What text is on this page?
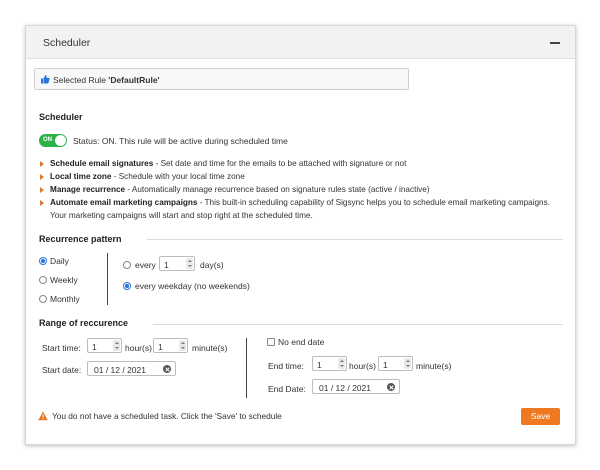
Scheduler
Selected Rule 'DefaultRule'
Scheduler
ON Status: ON. This rule will be active during scheduled time
Schedule email signatures - Set date and time for the emails to be attached with signature or not
Local time zone - Schedule with your local time zone
Manage recurrence - Automatically manage recurrence based on signature rules state (active / inactive)
Automate email marketing campaigns - This built-in scheduling capability of Sigsync helps you to schedule email marketing campaigns. Your marketing campaigns will start and stop right at the scheduled time.
Recurrence pattern
Daily
Weekly
Monthly
every 1	day(s)
every weekday (no weekends)
Range of reccurence
Start time: 1	hour(s) 1	minute(s)
Start date: 01 / 12 / 2021
No end date
End time: 1	hour(s) 1	minute(s)
End Date: 01 / 12 / 2021
You do not have a scheduled task. Click the 'Save' to schedule	Save
